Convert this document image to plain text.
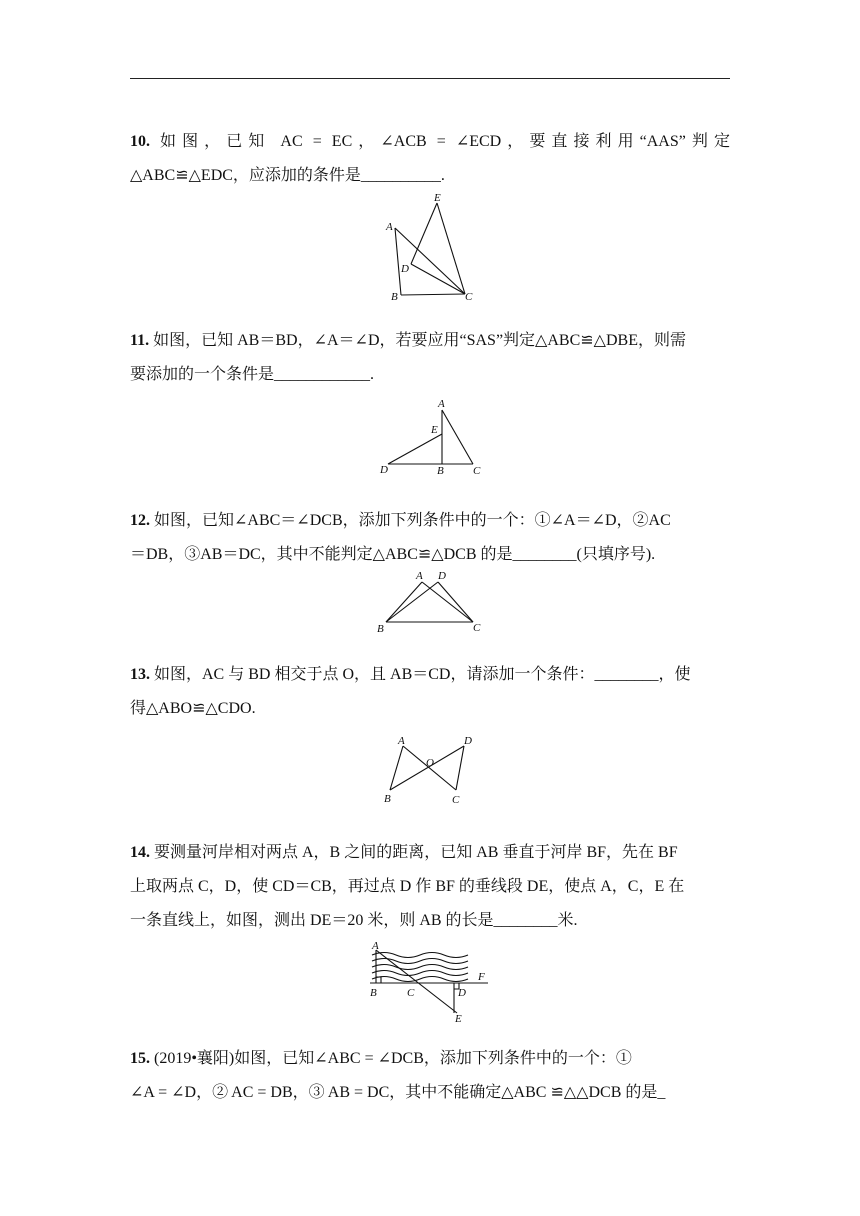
10. 如图，已知 AC = EC，∠ACB = ∠ECD，要直接利用“AAS”判定
△ABC≌△EDC，应添加的条件是__________.
A
B	C
D
E
11. 如图，已知 AB＝BD，∠A＝∠D，若要应用“SAS”判定△ABC≌△DBE，则需
要添加的一个条件是____________.
A
B	C
D
E
12. 如图，已知∠ABC＝∠DCB，添加下列条件中的一个：①∠A＝∠D，②AC
＝DB，③AB＝DC，其中不能判定△ABC≌△DCB 的是________(只填序号).
A
B	C
D
13. 如图，AC 与 BD 相交于点 O，且 AB＝CD，请添加一个条件：________，使
得△ABO≌△CDO.
A
B	C
D
O
14. 要测量河岸相对两点 A，B 之间的距离，已知 AB 垂直于河岸 BF，先在 BF
上取两点 C，D，使 CD＝CB，再过点 D 作 BF 的垂线段 DE，使点 A，C，E 在
一条直线上，如图，测出 DE＝20 米，则 AB 的长是________米.
A
B	C	D
E
F
15. (2019•襄阳)如图，已知∠ABC = ∠DCB，添加下列条件中的一个：①
∠A = ∠D，② AC = DB，③ AB = DC，其中不能确定△ABC ≌△△DCB 的是_
